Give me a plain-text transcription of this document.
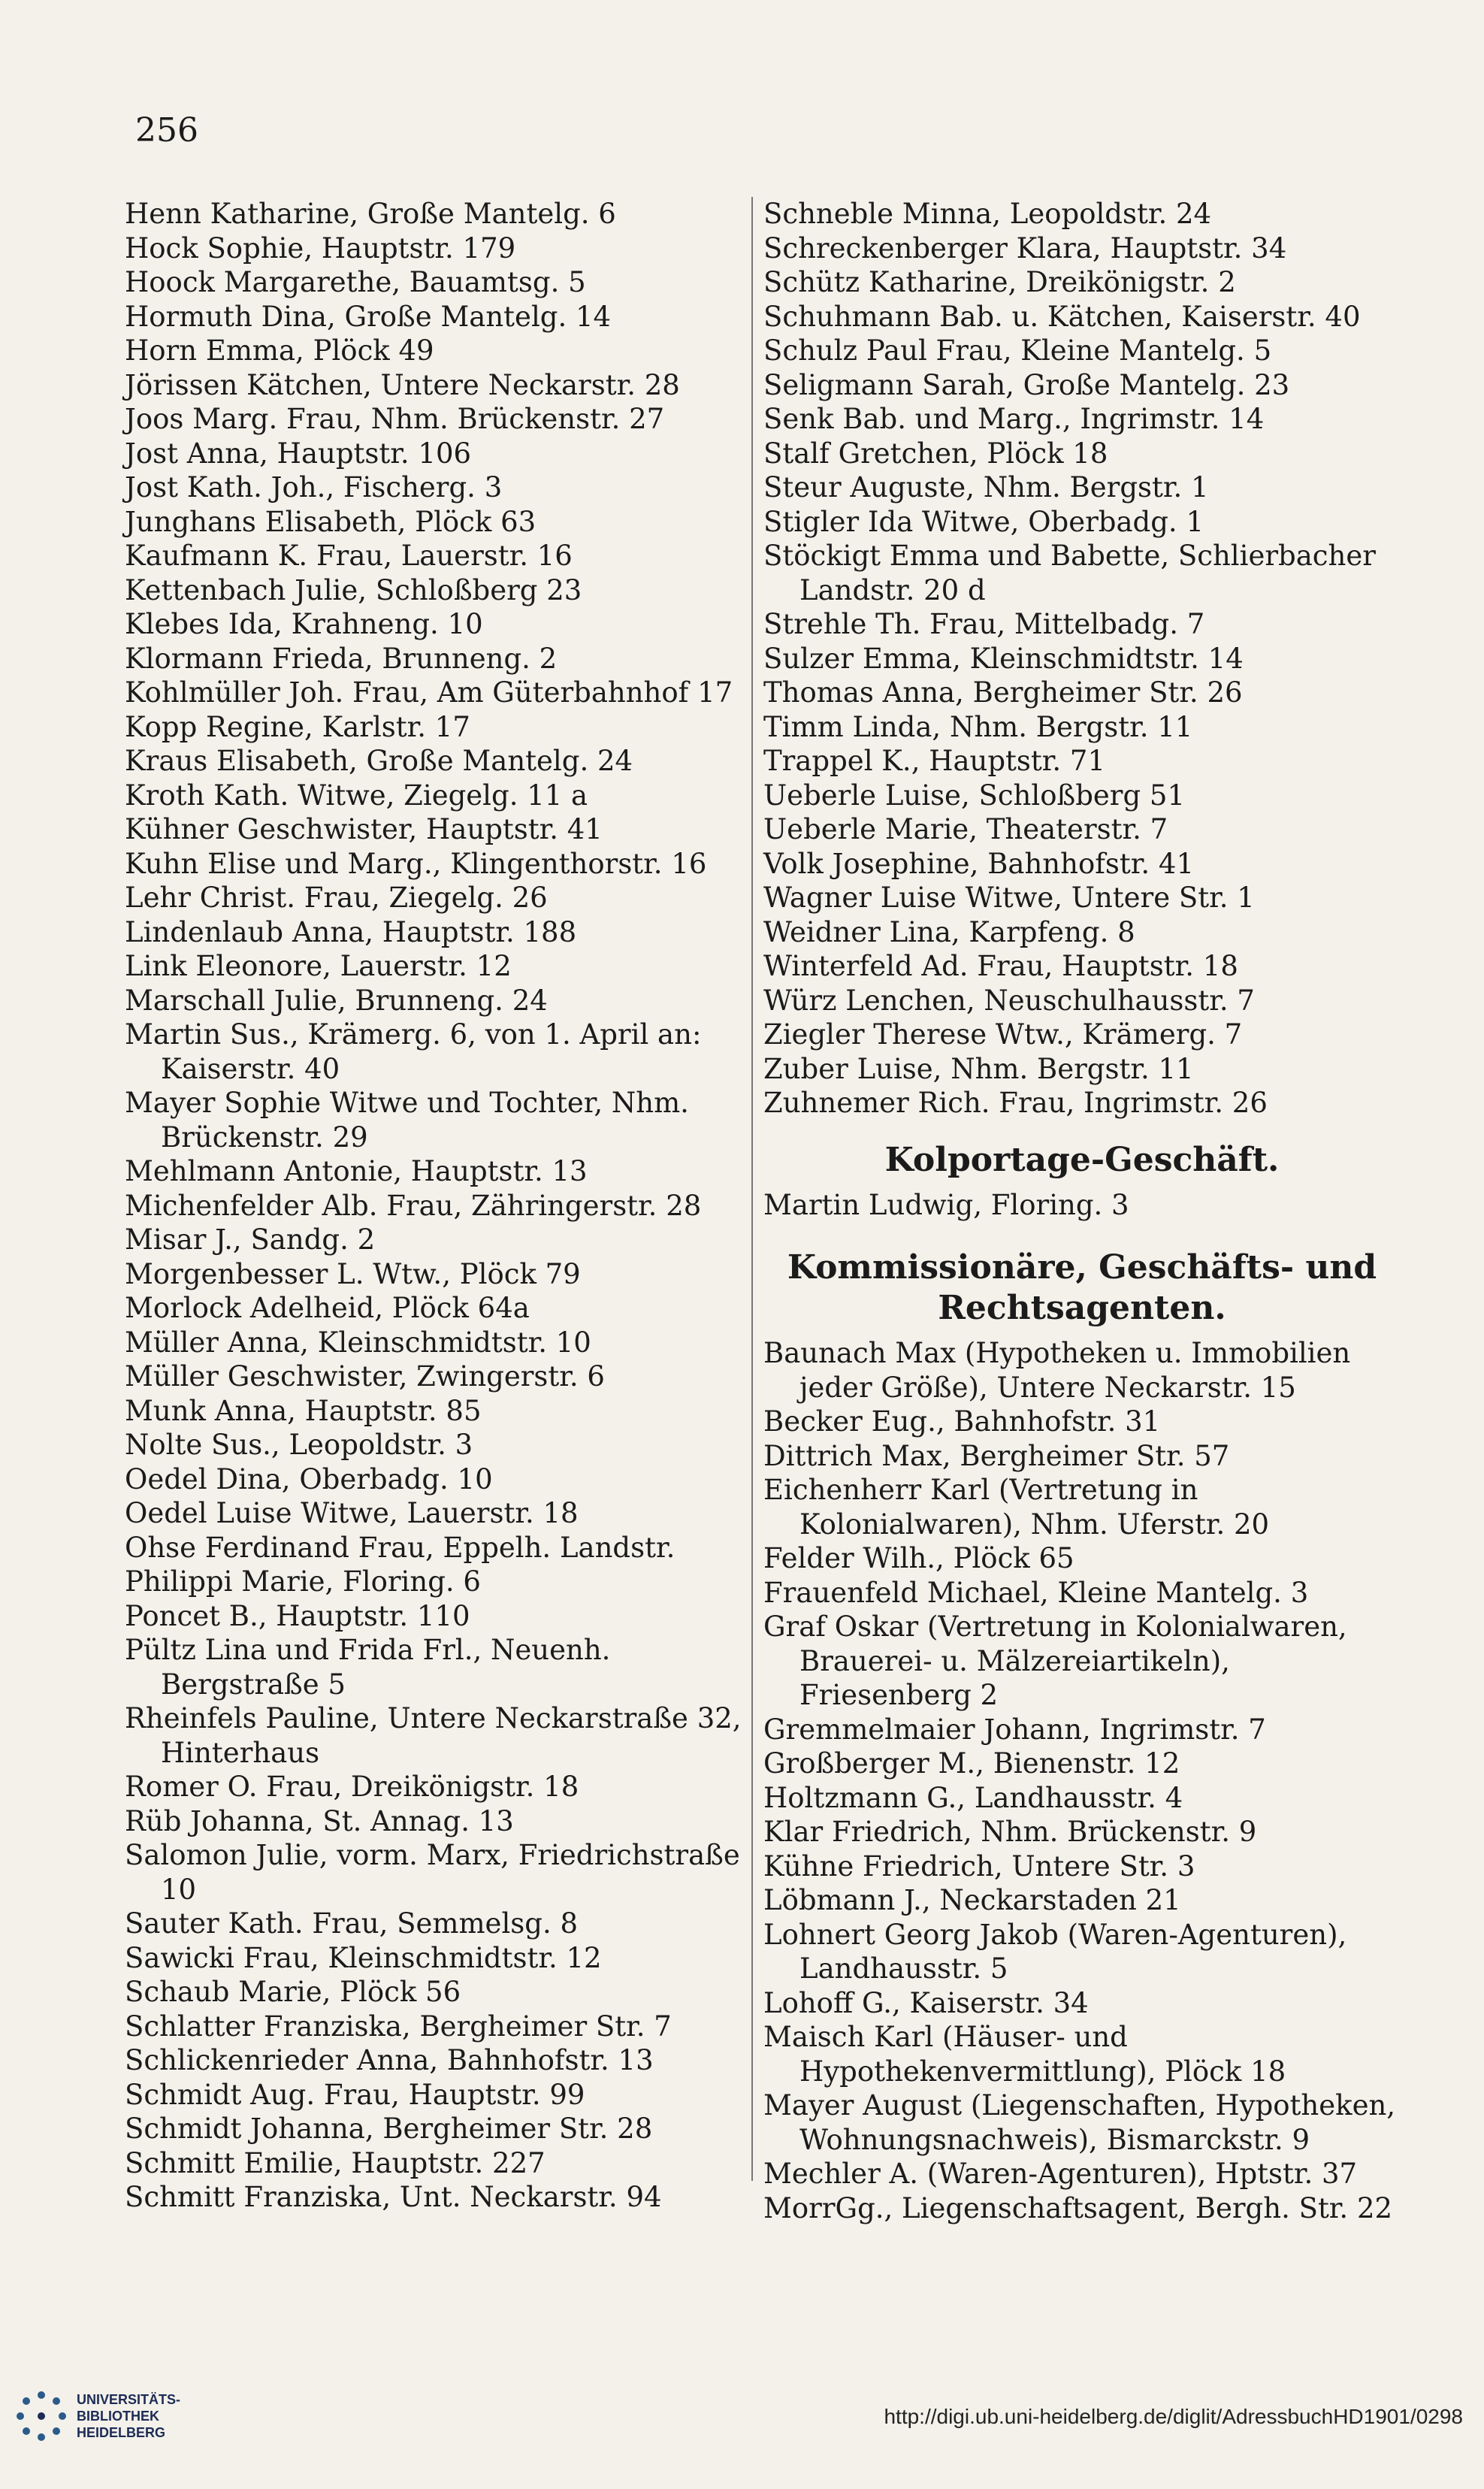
256
Henn Katharine, Große Mantelg. 6
Hock Sophie, Hauptstr. 179
Hoock Margarethe, Bauamtsg. 5
Hormuth Dina, Große Mantelg. 14
Horn Emma, Plöck 49
Jörissen Kätchen, Untere Neckarstr. 28
Joos Marg. Frau, Nhm. Brückenstr. 27
Jost Anna, Hauptstr. 106
Jost Kath. Joh., Fischerg. 3
Junghans Elisabeth, Plöck 63
Kaufmann K. Frau, Lauerstr. 16
Kettenbach Julie, Schloßberg 23
Klebes Ida, Krahneng. 10
Klormann Frieda, Brunneng. 2
Kohlmüller Joh. Frau, Am Güterbahnhof 17
Kopp Regine, Karlstr. 17
Kraus Elisabeth, Große Mantelg. 24
Kroth Kath. Witwe, Ziegelg. 11 a
Kühner Geschwister, Hauptstr. 41
Kuhn Elise und Marg., Klingenthorstr. 16
Lehr Christ. Frau, Ziegelg. 26
Lindenlaub Anna, Hauptstr. 188
Link Eleonore, Lauerstr. 12
Marschall Julie, Brunneng. 24
Martin Sus., Krämerg. 6, von 1. April an: Kaiserstr. 40
Mayer Sophie Witwe und Tochter, Nhm. Brückenstr. 29
Mehlmann Antonie, Hauptstr. 13
Michenfelder Alb. Frau, Zähringerstr. 28
Misar J., Sandg. 2
Morgenbesser L. Wtw., Plöck 79
Morlock Adelheid, Plöck 64a
Müller Anna, Kleinschmidtstr. 10
Müller Geschwister, Zwingerstr. 6
Munk Anna, Hauptstr. 85
Nolte Sus., Leopoldstr. 3
Oedel Dina, Oberbadg. 10
Oedel Luise Witwe, Lauerstr. 18
Ohse Ferdinand Frau, Eppelh. Landstr.
Philippi Marie, Floring. 6
Poncet B., Hauptstr. 110
Pültz Lina und Frida Frl., Neuenh. Bergstraße 5
Rheinfels Pauline, Untere Neckarstraße 32, Hinterhaus
Romer O. Frau, Dreikönigstr. 18
Rüb Johanna, St. Annag. 13
Salomon Julie, vorm. Marx, Friedrichstraße 10
Sauter Kath. Frau, Semmelsg. 8
Sawicki Frau, Kleinschmidtstr. 12
Schaub Marie, Plöck 56
Schlatter Franziska, Bergheimer Str. 7
Schlickenrieder Anna, Bahnhofstr. 13
Schmidt Aug. Frau, Hauptstr. 99
Schmidt Johanna, Bergheimer Str. 28
Schmitt Emilie, Hauptstr. 227
Schmitt Franziska, Unt. Neckarstr. 94
Schneble Minna, Leopoldstr. 24
Schreckenberger Klara, Hauptstr. 34
Schütz Katharine, Dreikönigstr. 2
Schuhmann Bab. u. Kätchen, Kaiserstr. 40
Schulz Paul Frau, Kleine Mantelg. 5
Seligmann Sarah, Große Mantelg. 23
Senk Bab. und Marg., Ingrimstr. 14
Stalf Gretchen, Plöck 18
Steur Auguste, Nhm. Bergstr. 1
Stigler Ida Witwe, Oberbadg. 1
Stöckigt Emma und Babette, Schlierbacher Landstr. 20 d
Strehle Th. Frau, Mittelbadg. 7
Sulzer Emma, Kleinschmidtstr. 14
Thomas Anna, Bergheimer Str. 26
Timm Linda, Nhm. Bergstr. 11
Trappel K., Hauptstr. 71
Ueberle Luise, Schloßberg 51
Ueberle Marie, Theaterstr. 7
Volk Josephine, Bahnhofstr. 41
Wagner Luise Witwe, Untere Str. 1
Weidner Lina, Karpfeng. 8
Winterfeld Ad. Frau, Hauptstr. 18
Würz Lenchen, Neuschulhausstr. 7
Ziegler Therese Wtw., Krämerg. 7
Zuber Luise, Nhm. Bergstr. 11
Zuhnemer Rich. Frau, Ingrimstr. 26
Kolportage-Geschäft.
Martin Ludwig, Floring. 3
Kommissionäre, Geschäfts- und
Rechtsagenten.
Baunach Max (Hypotheken u. Immobilien jeder Größe), Untere Neckarstr. 15
Becker Eug., Bahnhofstr. 31
Dittrich Max, Bergheimer Str. 57
Eichenherr Karl (Vertretung in Kolonialwaren), Nhm. Uferstr. 20
Felder Wilh., Plöck 65
Frauenfeld Michael, Kleine Mantelg. 3
Graf Oskar (Vertretung in Kolonialwaren, Brauerei- u. Mälzereiartikeln), Friesenberg 2
Gremmelmaier Johann, Ingrimstr. 7
Großberger M., Bienenstr. 12
Holtzmann G., Landhausstr. 4
Klar Friedrich, Nhm. Brückenstr. 9
Kühne Friedrich, Untere Str. 3
Löbmann J., Neckarstaden 21
Lohnert Georg Jakob (Waren-Agenturen), Landhausstr. 5
Lohoff G., Kaiserstr. 34
Maisch Karl (Häuser- und Hypothekenvermittlung), Plöck 18
Mayer August (Liegenschaften, Hypotheken, Wohnungsnachweis), Bismarckstr. 9
Mechler A. (Waren-Agenturen), Hptstr. 37
MorrGg., Liegenschaftsagent, Bergh. Str. 22
UNIVERSITÄTS-
BIBLIOTHEK
HEIDELBERG
http://digi.ub.uni-heidelberg.de/diglit/AdressbuchHD1901/0298
